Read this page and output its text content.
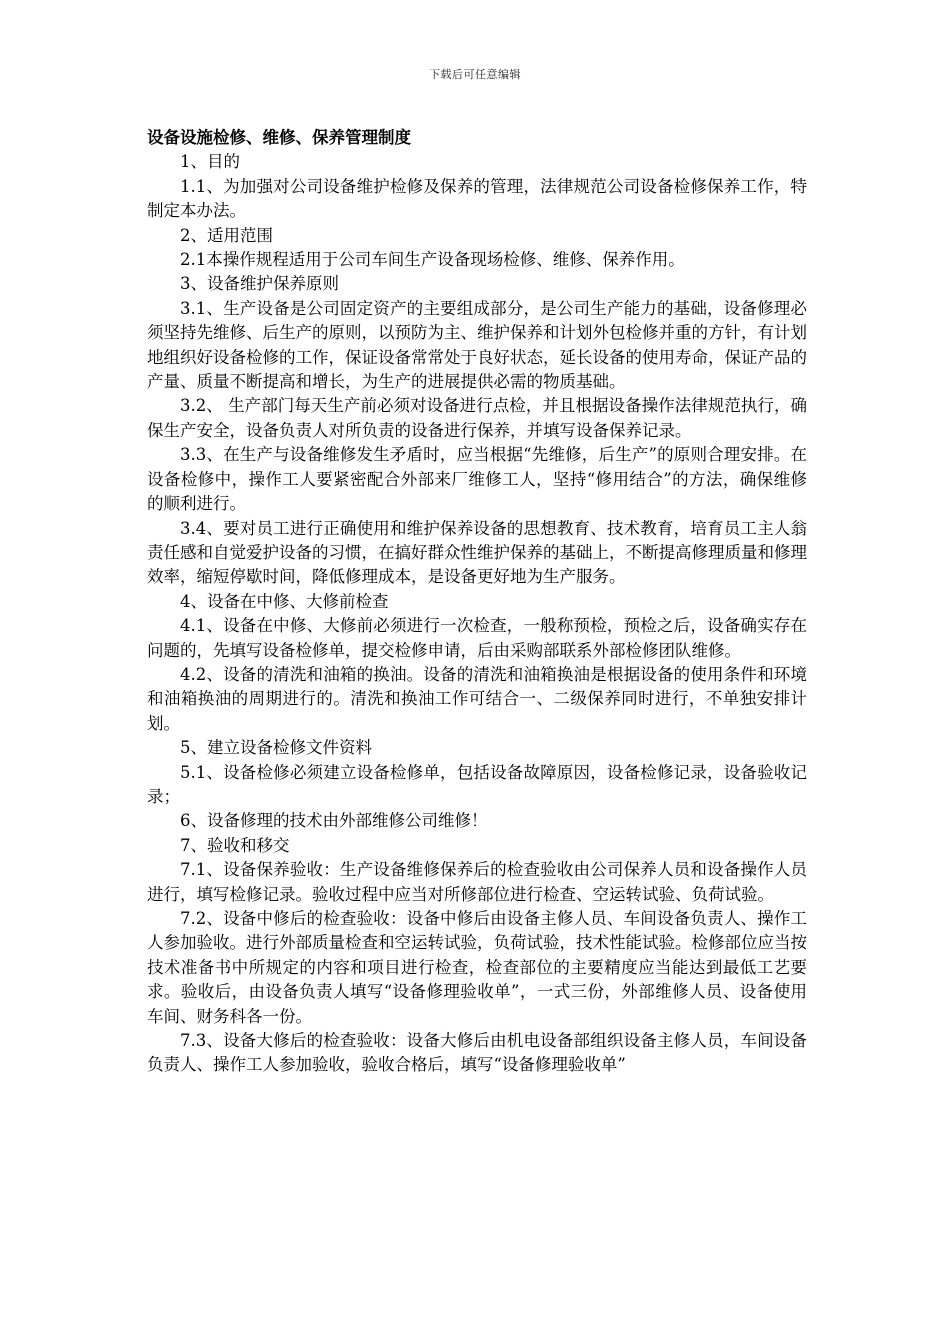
下载后可任意编辑
设备设施检修、维修、保养管理制度

1、目的

1.1、为加强对公司设备维护检修及保养的管理，法律规范公司设备检修保养工作，特制定本办法。

2、适用范围

2.1本操作规程适用于公司车间生产设备现场检修、维修、保养作用。

3、设备维护保养原则

3.1、生产设备是公司固定资产的主要组成部分，是公司生产能力的基础，设备修理必须坚持先维修、后生产的原则，以预防为主、维护保养和计划外包检修并重的方针，有计划地组织好设备检修的工作，保证设备常常处于良好状态，延长设备的使用寿命，保证产品的产量、质量不断提高和增长，为生产的进展提供必需的物质基础。

3.2、 生产部门每天生产前必须对设备进行点检，并且根据设备操作法律规范执行，确保生产安全，设备负责人对所负责的设备进行保养，并填写设备保养记录。

3.3、在生产与设备维修发生矛盾时，应当根据“先维修，后生产”的原则合理安排。在设备检修中，操作工人要紧密配合外部来厂维修工人，坚持“修用结合”的方法，确保维修的顺利进行。

3.4、要对员工进行正确使用和维护保养设备的思想教育、技术教育，培育员工主人翁责任感和自觉爱护设备的习惯，在搞好群众性维护保养的基础上，不断提高修理质量和修理效率，缩短停歇时间，降低修理成本，是设备更好地为生产服务。

4、设备在中修、大修前检查

4.1、设备在中修、大修前必须进行一次检查，一般称预检，预检之后，设备确实存在问题的，先填写设备检修单，提交检修申请，后由采购部联系外部检修团队维修。

4.2、设备的清洗和油箱的换油。设备的清洗和油箱换油是根据设备的使用条件和环境和油箱换油的周期进行的。清洗和换油工作可结合一、二级保养同时进行，不单独安排计划。

5、建立设备检修文件资料

5.1、设备检修必须建立设备检修单，包括设备故障原因，设备检修记录，设备验收记录；

6、设备修理的技术由外部维修公司维修！

7、验收和移交

7.1、设备保养验收：生产设备维修保养后的检查验收由公司保养人员和设备操作人员进行，填写检修记录。验收过程中应当对所修部位进行检查、空运转试验、负荷试验。

7.2、设备中修后的检查验收：设备中修后由设备主修人员、车间设备负责人、操作工人参加验收。进行外部质量检查和空运转试验，负荷试验，技术性能试验。检修部位应当按技术准备书中所规定的内容和项目进行检查，检查部位的主要精度应当能达到最低工艺要求。验收后，由设备负责人填写“设备修理验收单”，一式三份，外部维修人员、设备使用车间、财务科各一份。

7.3、设备大修后的检查验收：设备大修后由机电设备部组织设备主修人员，车间设备负责人、操作工人参加验收，验收合格后，填写“设备修理验收单”
